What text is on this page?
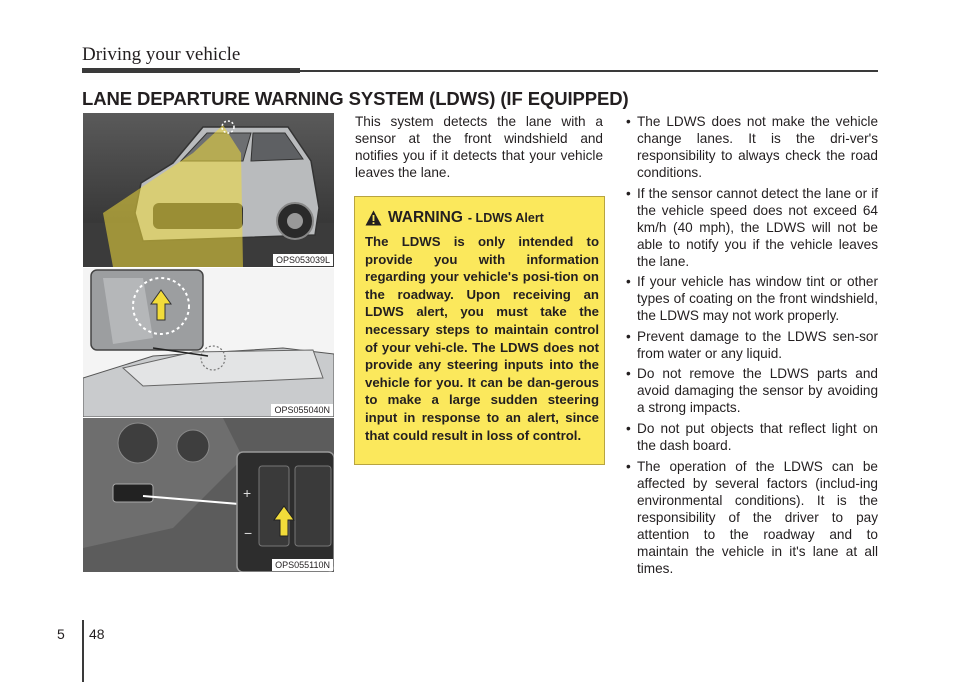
Driving your vehicle
LANE DEPARTURE WARNING SYSTEM (LDWS) (IF EQUIPPED)
OPS053039L
OPS055040N
+
−
OPS055110N
This system detects the lane with a sensor at the front windshield and notifies you if it detects that your vehicle leaves the lane.
WARNING - LDWS Alert
The LDWS is only intended to provide you with information regarding your vehicle's posi-tion on the roadway. Upon receiving an LDWS alert, you must take the necessary steps to maintain control of your vehi-cle. The LDWS does not provide any steering inputs into the vehicle for you. It can be dan-gerous to make a large sudden steering input in response to an alert, since that could result in loss of control.
• The LDWS does not make the vehicle change lanes. It is the dri-ver's responsibility to always check the road conditions.
• If the sensor cannot detect the lane or if the vehicle speed does not exceed 64 km/h (40 mph), the LDWS will not be able to notify you if the vehicle leaves the lane.
• If your vehicle has window tint or other types of coating on the front windshield, the LDWS may not work properly.
• Prevent damage to the LDWS sen-sor from water or any liquid.
• Do not remove the LDWS parts and avoid damaging the sensor by avoiding a strong impacts.
• Do not put objects that reflect light on the dash board.
• The operation of the LDWS can be affected by several factors (includ-ing environmental conditions). It is the responsibility of the driver to pay attention to the roadway and to maintain the vehicle in it's lane at all times.
5 48
